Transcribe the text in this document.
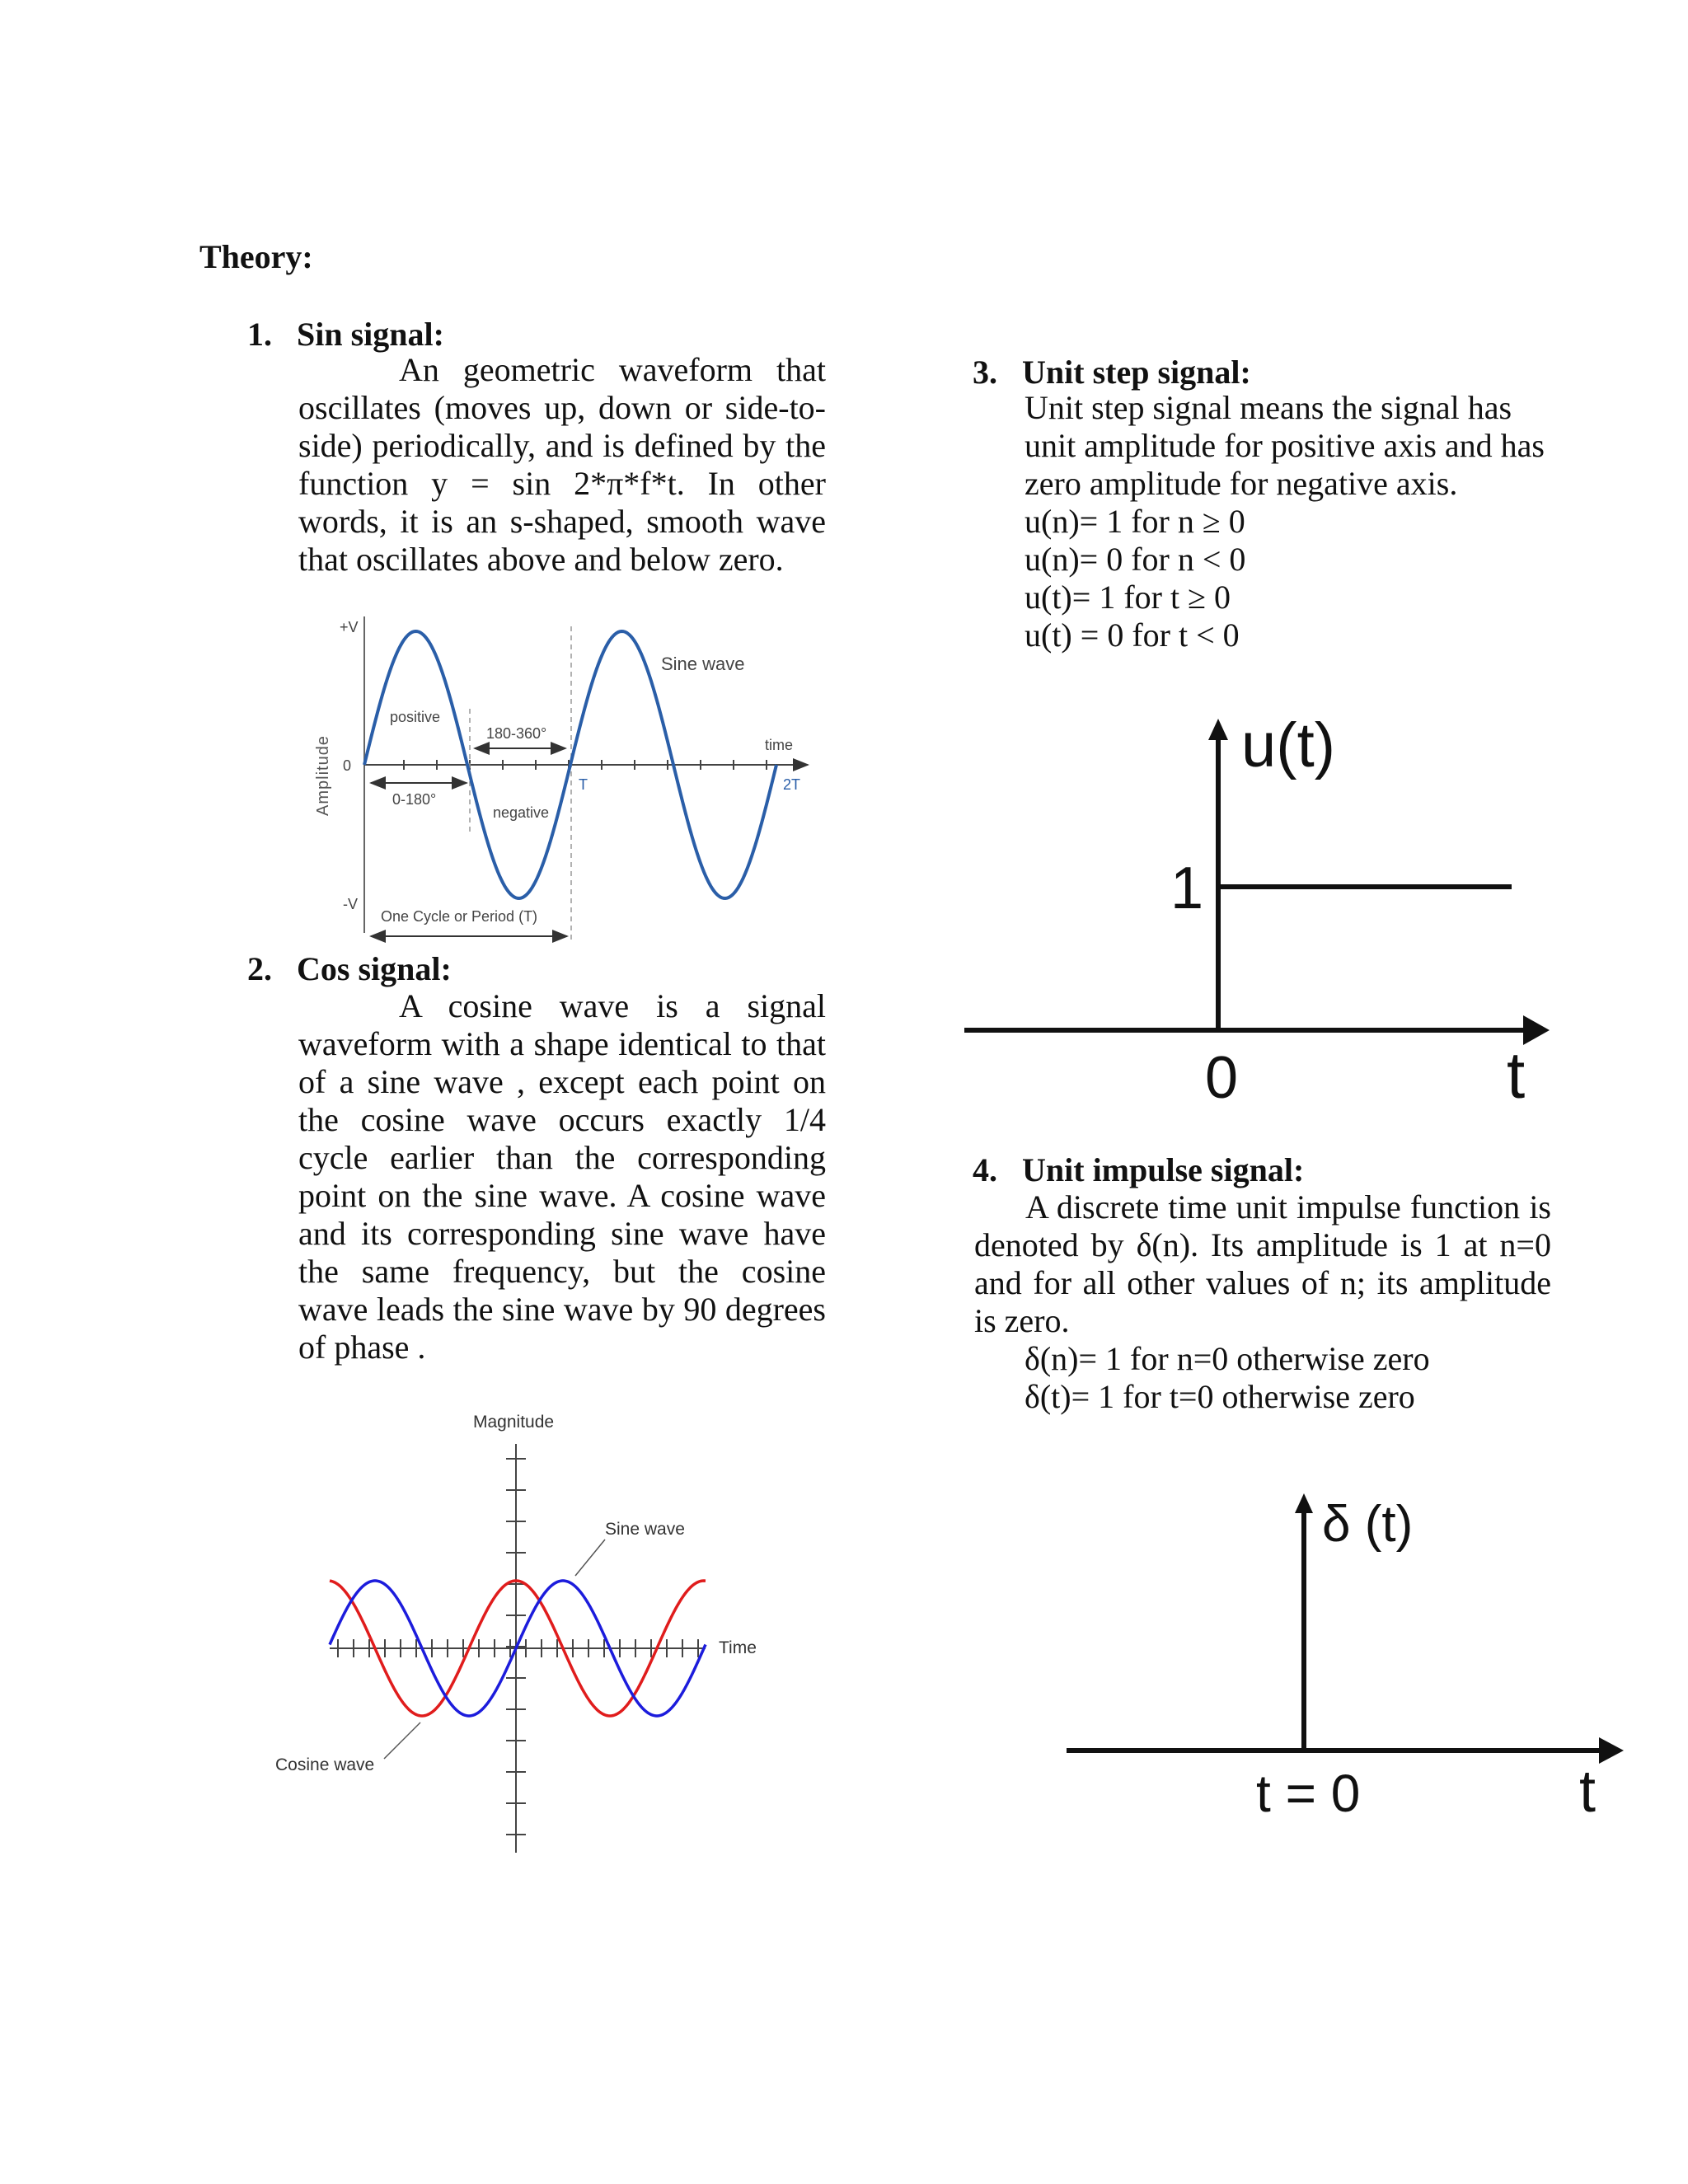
Theory:
1. Sin signal:
An geometric waveform that oscillates (moves up, down or side-to-side) periodically, and is defined by the function y = sin 2*π*f*t. In other words, it is an s-shaped, smooth wave that oscillates above and below zero.
Amplitude
+V
0
-V
Sine wave
time
positive
negative
180-360°
0-180°
T	2T
One Cycle or Period (T)
2. Cos signal:
A cosine wave is a signal waveform with a shape identical to that of a sine wave , except each point on the cosine wave occurs exactly 1/4 cycle earlier than the corresponding point on the sine wave. A cosine wave and its corresponding sine wave have the same frequency, but the cosine wave leads the sine wave by 90 degrees of phase .
Magnitude
Sine wave
Time
Cosine wave
3. Unit step signal:
Unit step signal means the signal has
unit amplitude for positive axis and has
zero amplitude for negative axis.
u(n)= 1 for n ≥ 0
u(n)= 0 for n < 0
u(t)= 1 for t ≥ 0
u(t) = 0 for t < 0
u(t)
1
0	t
4. Unit impulse signal:
A discrete time unit impulse function is denoted by δ(n). Its amplitude is 1 at n=0 and for all other values of n; its amplitude is zero.
δ(n)= 1 for n=0 otherwise zero
δ(t)= 1 for t=0 otherwise zero
δ (t)
t = 0	t
